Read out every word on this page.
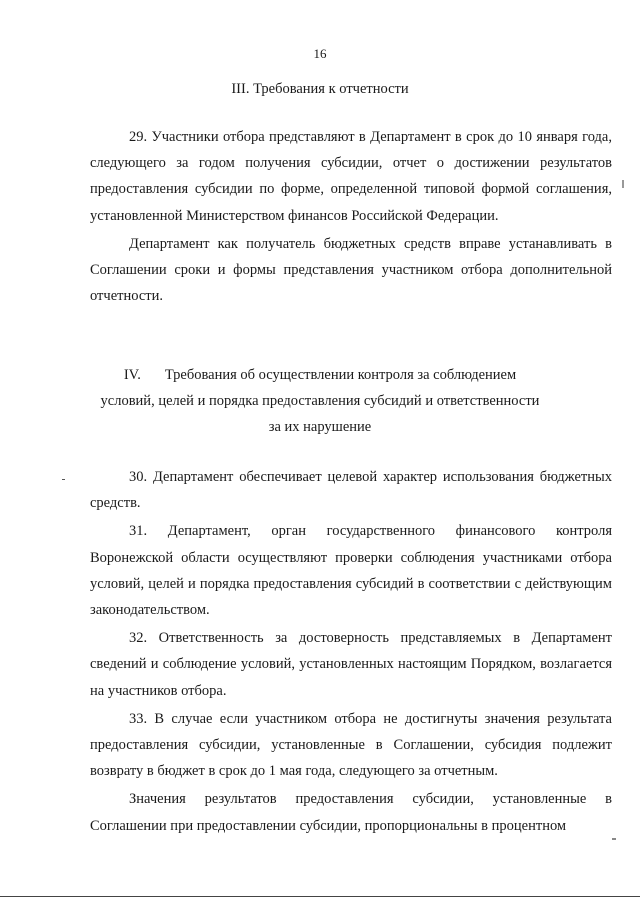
16
III. Требования к отчетности

29. Участники отбора представляют в Департамент в срок до 10 января года, следующего за годом получения субсидии, отчет о достижении результатов предоставления субсидии по форме, определенной типовой формой соглашения, установленной Министерством финансов Российской Федерации.

Департамент как получатель бюджетных средств вправе устанавливать в Соглашении сроки и формы представления участником отбора дополнительной отчетности.

IV. Требования об осуществлении контроля за соблюдением
условий, целей и порядка предоставления субсидий и ответственности
за их нарушение

30. Департамент обеспечивает целевой характер использования бюджетных средств.

31. Департамент, орган государственного финансового контроля Воронежской области осуществляют проверки соблюдения участниками отбора условий, целей и порядка предоставления субсидий в соответствии с действующим законодательством.

32. Ответственность за достоверность представляемых в Департамент сведений и соблюдение условий, установленных настоящим Порядком, возлагается на участников отбора.

33. В случае если участником отбора не достигнуты значения результата предоставления субсидии, установленные в Соглашении, субсидия подлежит возврату в бюджет в срок до 1 мая года, следующего за отчетным.

Значения результатов предоставления субсидии, установленные в Соглашении при предоставлении субсидии, пропорциональны в процентном
